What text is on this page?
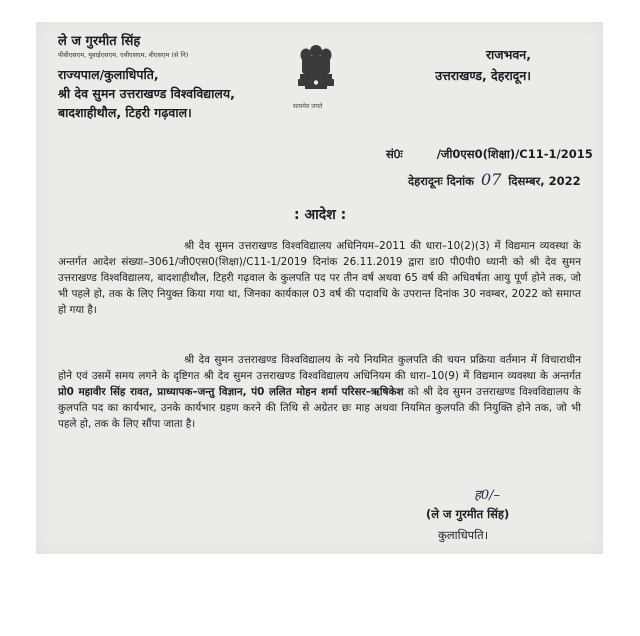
ले ज गुरमीत सिंह
पीवीएसएम, यूवाईएसएम, एवीएसएम, वीएसएम (से नि)
राज्यपाल/कुलाधिपति,
श्री देव सुमन उत्तराखण्ड विश्वविद्यालय,
बादशाहीथौल, टिहरी गढ़वाल।	सत्यमेव जयते
राजभवन,
उत्तराखण्ड, देहरादून।
सं0ः	/जी0एस0(शिक्षा)/C11-1/2015
देहरादूनः दिनांक 07 दिसम्बर, 2022
: आदेश :
श्री देव सुमन उत्तराखण्ड विश्वविद्यालय अधिनियम–2011 की धारा–10(2)(3) में विद्यमान व्यवस्था के अन्तर्गत आदेश संख्या–3061/जी0एस0(शिक्षा)/C11-1/2019 दिनांक 26.11.2019 द्वारा डा0 पी0पी0 ध्यानी को श्री देव सुमन उत्तराखण्ड विश्वविद्यालय, बादशाहीथौल, टिहरी गढ़वाल के कुलपति पद पर तीन वर्ष अथवा 65 वर्ष की अधिवर्षता आयु पूर्ण होने तक, जो भी पहले हो, तक के लिए नियुक्त किया गया था, जिनका कार्यकाल 03 वर्ष की पदावधि के उपरान्त दिनांक 30 नवम्बर, 2022 को समाप्त हो गया है।
श्री देव सुमन उत्तराखण्ड विश्वविद्यालय के नये नियमित कुलपति की चयन प्रक्रिया वर्तमान में विचाराधीन होने एवं उसमें समय लगने के दृष्टिगत श्री देव सुमन उत्तराखण्ड विश्वविद्यालय अधिनियम की धारा–10(9) में विद्यमान व्यवस्था के अन्तर्गत प्रो0 महावीर सिंह रावत, प्राध्यापक–जन्तु विज्ञान, पं0 ललित मोहन शर्मा परिसर–ऋषिकेश को श्री देव सुमन उत्तराखण्ड विश्वविद्यालय के कुलपति पद का कार्यभार, उनके कार्यभार ग्रहण करने की तिथि से अग्रेतर छः माह अथवा नियमित कुलपति की नियुक्ति होने तक, जो भी पहले हो, तक के लिए सौंपा जाता है।
ह0/–
(ले ज गुरमीत सिंह)
कुलाधिपति।
